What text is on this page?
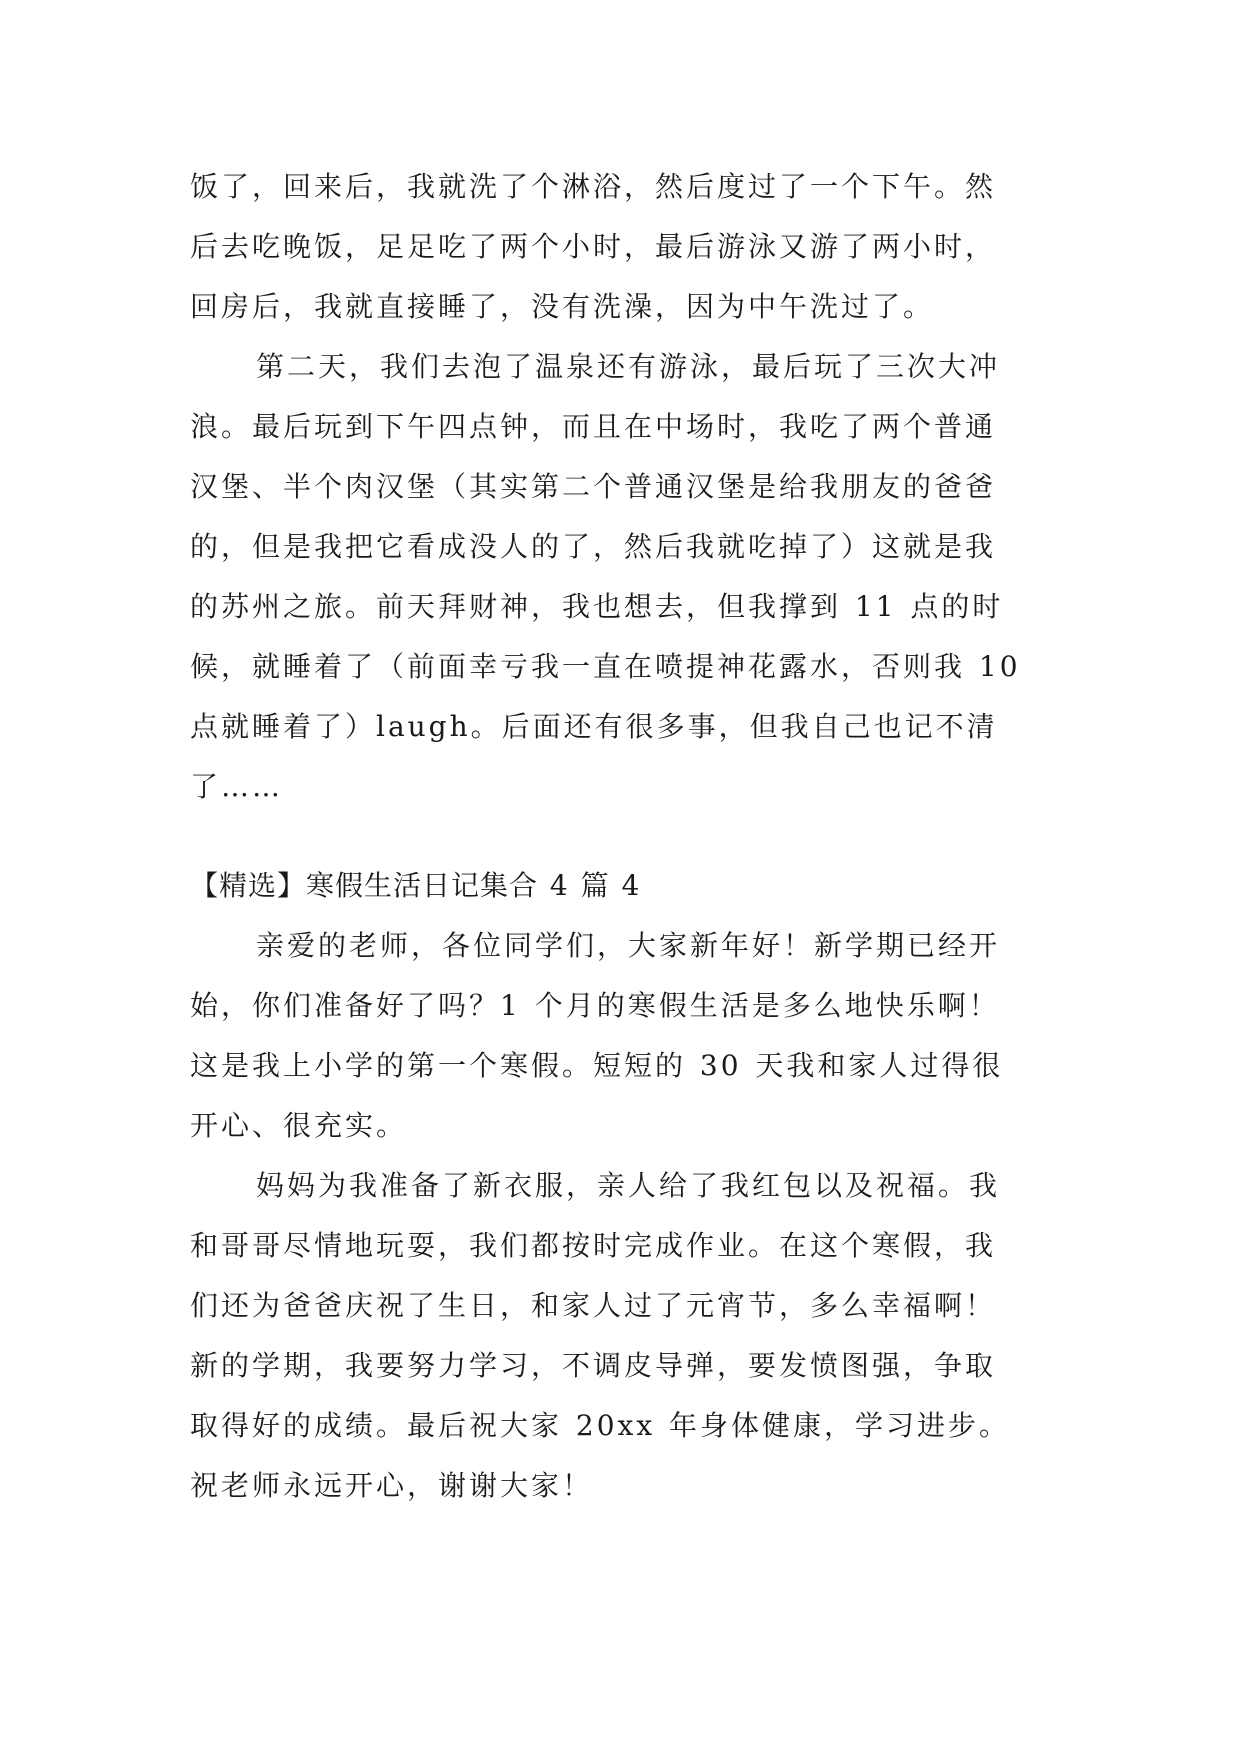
饭了，回来后，我就洗了个淋浴，然后度过了一个下午。然
后去吃晚饭，足足吃了两个小时，最后游泳又游了两小时，
回房后，我就直接睡了，没有洗澡，因为中午洗过了。
第二天，我们去泡了温泉还有游泳，最后玩了三次大冲
浪。最后玩到下午四点钟，而且在中场时，我吃了两个普通
汉堡、半个肉汉堡（其实第二个普通汉堡是给我朋友的爸爸
的，但是我把它看成没人的了，然后我就吃掉了）这就是我
的苏州之旅。前天拜财神，我也想去，但我撑到 11 点的时
候，就睡着了（前面幸亏我一直在喷提神花露水，否则我 10
点就睡着了）laugh。后面还有很多事，但我自己也记不清
了……
【精选】寒假生活日记集合 4 篇 4
亲爱的老师，各位同学们，大家新年好！新学期已经开
始，你们准备好了吗？1 个月的寒假生活是多么地快乐啊！
这是我上小学的第一个寒假。短短的 30 天我和家人过得很
开心、很充实。
妈妈为我准备了新衣服，亲人给了我红包以及祝福。我
和哥哥尽情地玩耍，我们都按时完成作业。在这个寒假，我
们还为爸爸庆祝了生日，和家人过了元宵节，多么幸福啊！
新的学期，我要努力学习，不调皮导弹，要发愤图强，争取
取得好的成绩。最后祝大家 20xx 年身体健康，学习进步。
祝老师永远开心，谢谢大家！
